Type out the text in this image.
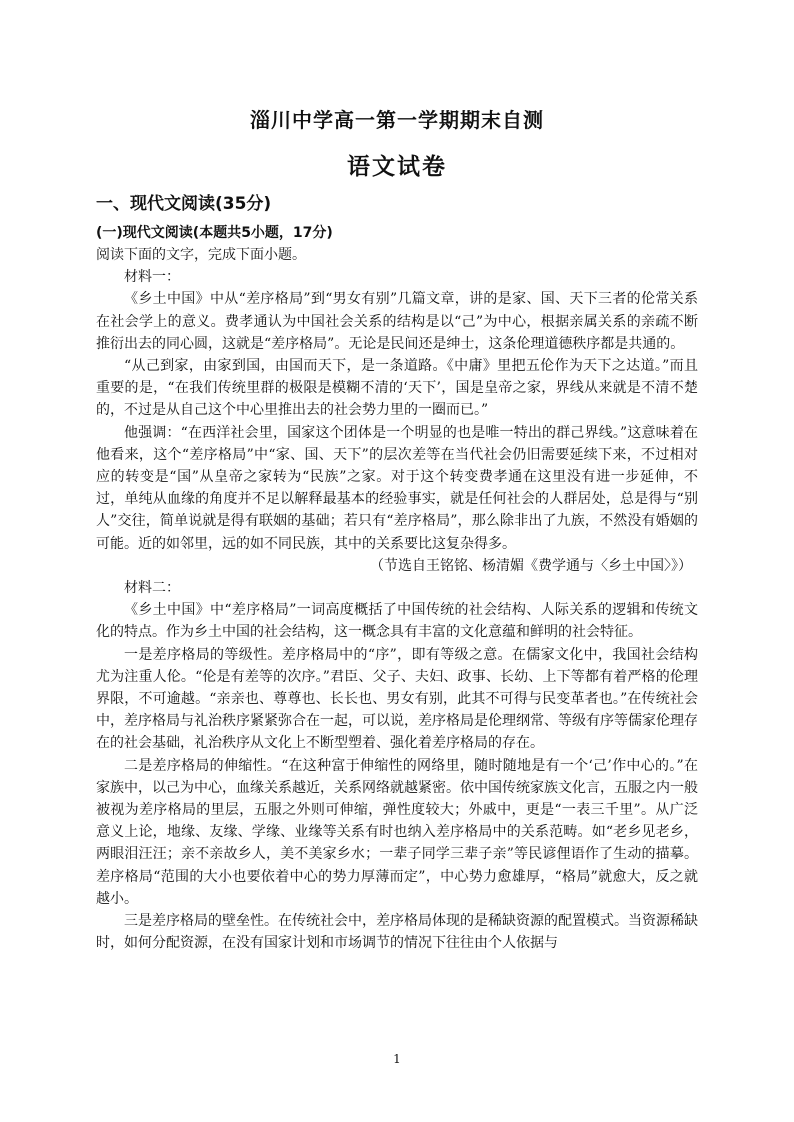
淄川中学高一第一学期期末自测
语文试卷
一、现代文阅读(35分)
(一)现代文阅读(本题共5小题，17分)

阅读下面的文字，完成下面小题。

材料一：

《乡土中国》中从“差序格局”到“男女有别”几篇文章，讲的是家、国、天下三者的伦常关系在社会学上的意义。费孝通认为中国社会关系的结构是以“己”为中心，根据亲属关系的亲疏不断推衍出去的同心圆，这就是“差序格局”。无论是民间还是绅士，这条伦理道德秩序都是共通的。

“从己到家，由家到国，由国而天下，是一条道路。《中庸》里把五伦作为天下之达道。”而且重要的是，“在我们传统里群的极限是模糊不清的‘天下’，国是皇帝之家，界线从来就是不清不楚的，不过是从自己这个中心里推出去的社会势力里的一圈而已。”

他强调：“在西洋社会里，国家这个团体是一个明显的也是唯一特出的群己界线。”这意味着在他看来，这个“差序格局”中“家、国、天下”的层次差等在当代社会仍旧需要延续下来，不过相对应的转变是“国”从皇帝之家转为“民族”之家。对于这个转变费孝通在这里没有进一步延伸，不过，单纯从血缘的角度并不足以解释最基本的经验事实，就是任何社会的人群居处，总是得与“别人”交往，简单说就是得有联姻的基础；若只有“差序格局”，那么除非出了九族，不然没有婚姻的可能。近的如邻里，远的如不同民族，其中的关系要比这复杂得多。

（节选自王铭铭、杨清媚《费学通与〈乡土中国〉》）

材料二：

《乡土中国》中“差序格局”一词高度概括了中国传统的社会结构、人际关系的逻辑和传统文化的特点。作为乡土中国的社会结构，这一概念具有丰富的文化意蕴和鲜明的社会特征。

一是差序格局的等级性。差序格局中的“序”，即有等级之意。在儒家文化中，我国社会结构尤为注重人伦。“伦是有差等的次序。”君臣、父子、夫妇、政事、长幼、上下等都有着严格的伦理界限，不可逾越。“亲亲也、尊尊也、长长也、男女有别，此其不可得与民变革者也。”在传统社会中，差序格局与礼治秩序紧紧弥合在一起，可以说，差序格局是伦理纲常、等级有序等儒家伦理存在的社会基础，礼治秩序从文化上不断型塑着、强化着差序格局的存在。

二是差序格局的伸缩性。“在这种富于伸缩性的网络里，随时随地是有一个‘己’作中心的。”在家族中，以己为中心，血缘关系越近，关系网络就越紧密。依中国传统家族文化言，五服之内一般被视为差序格局的里层，五服之外则可伸缩，弹性度较大；外戚中，更是“一表三千里”。从广泛意义上论，地缘、友缘、学缘、业缘等关系有时也纳入差序格局中的关系范畴。如“老乡见老乡，两眼泪汪汪；亲不亲故乡人，美不美家乡水；一辈子同学三辈子亲”等民谚俚语作了生动的描摹。差序格局“范围的大小也要依着中心的势力厚薄而定”，中心势力愈雄厚，“格局”就愈大，反之就越小。

三是差序格局的壁垒性。在传统社会中，差序格局体现的是稀缺资源的配置模式。当资源稀缺时，如何分配资源，在没有国家计划和市场调节的情况下往往由个人依据与

1
